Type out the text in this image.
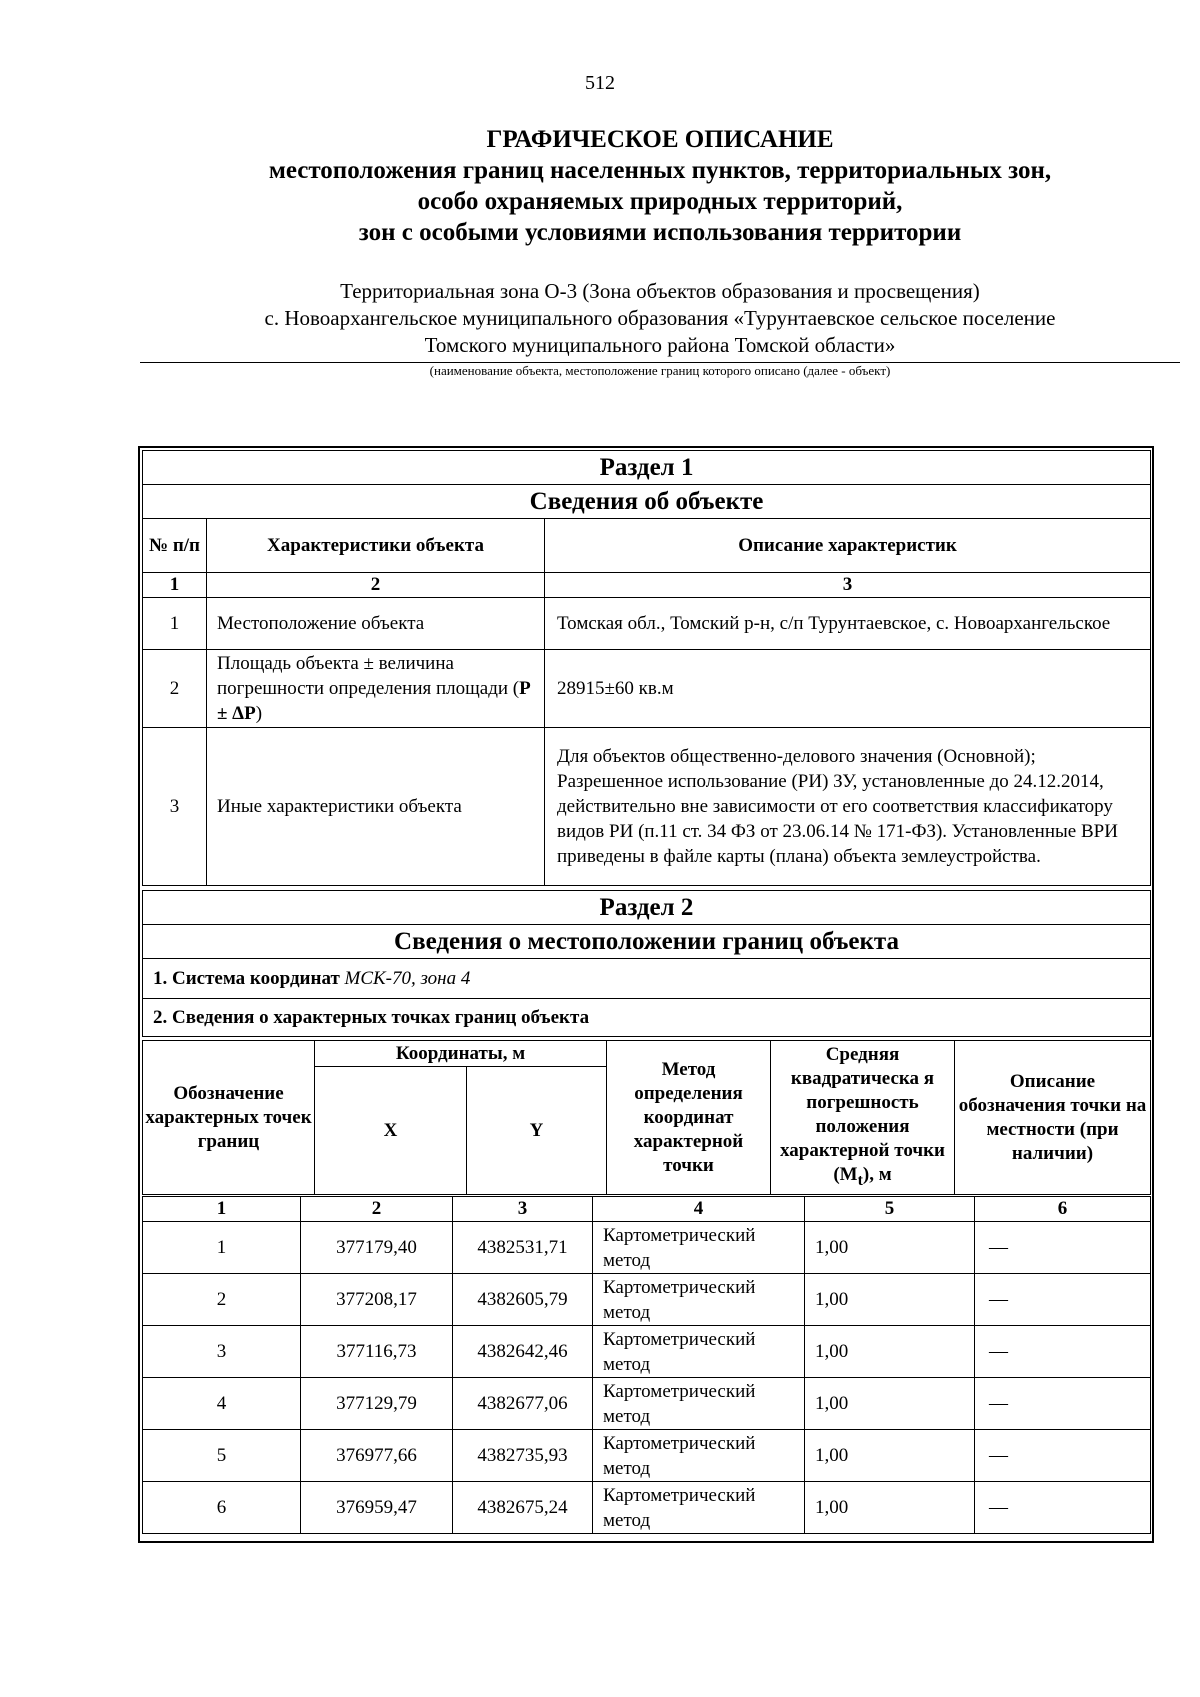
512
ГРАФИЧЕСКОЕ ОПИСАНИЕ
местоположения границ населенных пунктов, территориальных зон,
особо охраняемых природных территорий,
зон с особыми условиями использования территории
Территориальная зона О-3 (Зона объектов образования и просвещения)
с. Новоархангельское муниципального образования «Турунтаевское сельское поселение
Томского муниципального района Томской области»
(наименование объекта, местоположение границ которого описано (далее - объект)
Раздел 1		
Сведения об объекте		
№ п/п	Характеристики объекта	Описание характеристик
1	2	3
1	Местоположение объекта	Томская обл., Томский р-н, с/п Турунтаевское, с. Новоархангельское
2	Площадь объекта ± величина погрешности определения площади (Р ± ΔР)	28915±60 кв.м
3	Иные характеристики объекта	Для объектов общественно-делового значения (Основной); Разрешенное использование (РИ) ЗУ, установленные до 24.12.2014, действительно вне зависимости от его соответствия классификатору видов РИ (п.11 ст. 34 ФЗ от 23.06.14 № 171-ФЗ). Установленные ВРИ приведены в файле карты (плана) объекта землеустройства.
Раздел 2
Сведения о местоположении границ объекта
1. Система координат МСК-70, зона 4
2. Сведения о характерных точках границ объекта
Обозначение характерных точек границ	Координаты, м		Метод определения координат характерной точки	Средняя квадратическа я погрешность положения характерной точки $(M_t)$, м	Описание обозначения точки на местности (при наличии)
	X	Y			
1	2	3	4	5	6
1	377179,40	4382531,71	Картометрический метод	1,00	—
2	377208,17	4382605,79	Картометрический метод	1,00	—
3	377116,73	4382642,46	Картометрический метод	1,00	—
4	377129,79	4382677,06	Картометрический метод	1,00	—
5	376977,66	4382735,93	Картометрический метод	1,00	—
6	376959,47	4382675,24	Картометрический метод	1,00	—
